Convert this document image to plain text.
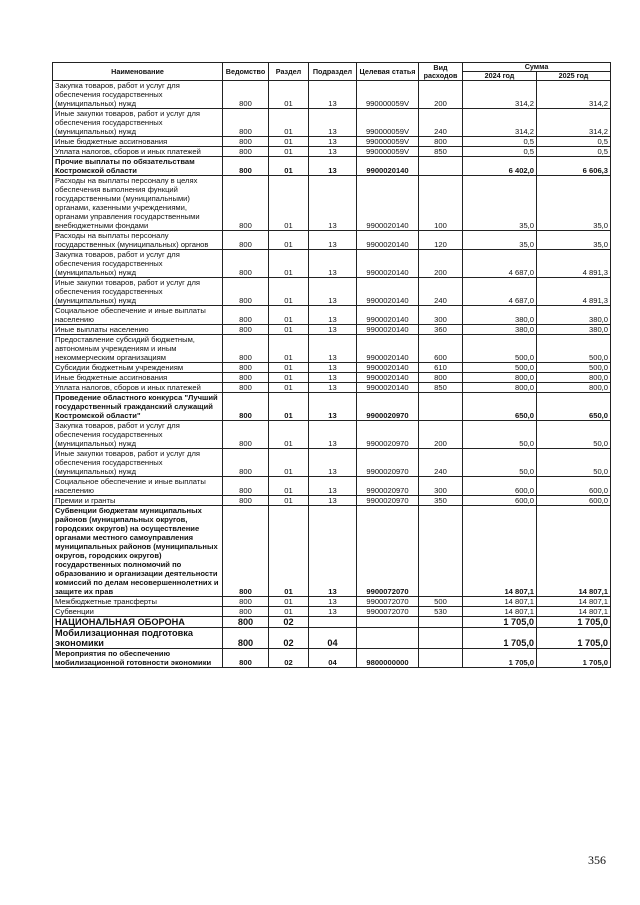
Наименование	Ведомство	Раздел	Подраздел	Целевая статья	Вид расходов	Сумма	
						2024 год	2025 год
Закупка товаров, работ и услуг для обеспечения государственных (муниципальных) нужд	800	01	13	990000059V	200	314,2	314,2
Иные закупки товаров, работ и услуг для обеспечения государственных (муниципальных) нужд	800	01	13	990000059V	240	314,2	314,2
Иные бюджетные ассигнования	800	01	13	990000059V	800	0,5	0,5
Уплата налогов, сборов и иных платежей	800	01	13	990000059V	850	0,5	0,5
Прочие выплаты по обязательствам Костромской области	800	01	13	9900020140		6 402,0	6 606,3
Расходы на выплаты персоналу в целях обеспечения выполнения функций государственными (муниципальными) органами, казенными учреждениями, органами управления государственными внебюджетными фондами	800	01	13	9900020140	100	35,0	35,0
Расходы на выплаты персоналу государственных (муниципальных) органов	800	01	13	9900020140	120	35,0	35,0
Закупка товаров, работ и услуг для обеспечения государственных (муниципальных) нужд	800	01	13	9900020140	200	4 687,0	4 891,3
Иные закупки товаров, работ и услуг для обеспечения государственных (муниципальных) нужд	800	01	13	9900020140	240	4 687,0	4 891,3
Социальное обеспечение и иные выплаты населению	800	01	13	9900020140	300	380,0	380,0
Иные выплаты населению	800	01	13	9900020140	360	380,0	380,0
Предоставление субсидий бюджетным, автономным учреждениям и иным некоммерческим организациям	800	01	13	9900020140	600	500,0	500,0
Субсидии бюджетным учреждениям	800	01	13	9900020140	610	500,0	500,0
Иные бюджетные ассигнования	800	01	13	9900020140	800	800,0	800,0
Уплата налогов, сборов и иных платежей	800	01	13	9900020140	850	800,0	800,0
Проведение областного конкурса "Лучший государственный гражданский служащий Костромской области"	800	01	13	9900020970		650,0	650,0
Закупка товаров, работ и услуг для обеспечения государственных (муниципальных) нужд	800	01	13	9900020970	200	50,0	50,0
Иные закупки товаров, работ и услуг для обеспечения государственных (муниципальных) нужд	800	01	13	9900020970	240	50,0	50,0
Социальное обеспечение и иные выплаты населению	800	01	13	9900020970	300	600,0	600,0
Премии и гранты	800	01	13	9900020970	350	600,0	600,0
Субвенции бюджетам муниципальных районов (муниципальных округов, городских округов) на осуществление органами местного самоуправления муниципальных районов (муниципальных округов, городских округов) государственных полномочий по образованию и организации деятельности комиссий по делам несовершеннолетних и защите их прав	800	01	13	9900072070		14 807,1	14 807,1
Межбюджетные трансферты	800	01	13	9900072070	500	14 807,1	14 807,1
Субвенции	800	01	13	9900072070	530	14 807,1	14 807,1
НАЦИОНАЛЬНАЯ ОБОРОНА	800	02				1 705,0	1 705,0
Мобилизационная подготовка экономики	800	02	04			1 705,0	1 705,0
Мероприятия по обеспечению мобилизационной готовности экономики	800	02	04	9800000000		1 705,0	1 705,0
356
